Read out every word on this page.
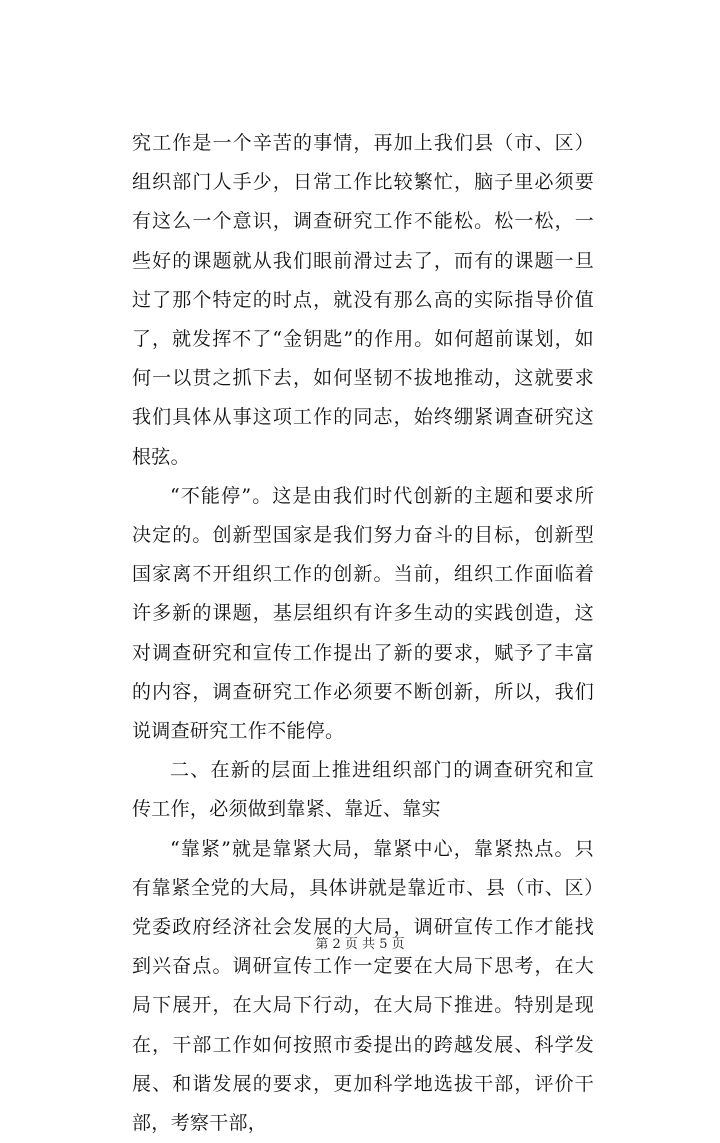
究工作是一个辛苦的事情，再加上我们县（市、区）组织部门人手少，日常工作比较繁忙，脑子里必须要有这么一个意识，调查研究工作不能松。松一松，一些好的课题就从我们眼前滑过去了，而有的课题一旦过了那个特定的时点，就没有那么高的实际指导价值了，就发挥不了“金钥匙”的作用。如何超前谋划，如何一以贯之抓下去，如何坚韧不拔地推动，这就要求我们具体从事这项工作的同志，始终绷紧调查研究这根弦。

“不能停”。这是由我们时代创新的主题和要求所决定的。创新型国家是我们努力奋斗的目标，创新型国家离不开组织工作的创新。当前，组织工作面临着许多新的课题，基层组织有许多生动的实践创造，这对调查研究和宣传工作提出了新的要求，赋予了丰富的内容，调查研究工作必须要不断创新，所以，我们说调查研究工作不能停。

二、在新的层面上推进组织部门的调查研究和宣传工作，必须做到靠紧、靠近、靠实

“靠紧”就是靠紧大局，靠紧中心，靠紧热点。只有靠紧全党的大局，具体讲就是靠近市、县（市、区）党委政府经济社会发展的大局，调研宣传工作才能找到兴奋点。调研宣传工作一定要在大局下思考，在大局下展开，在大局下行动，在大局下推进。特别是现在，干部工作如何按照市委提出的跨越发展、科学发展、和谐发展的要求，更加科学地选拔干部，评价干部，考察干部，

第 2 页 共 5 页
